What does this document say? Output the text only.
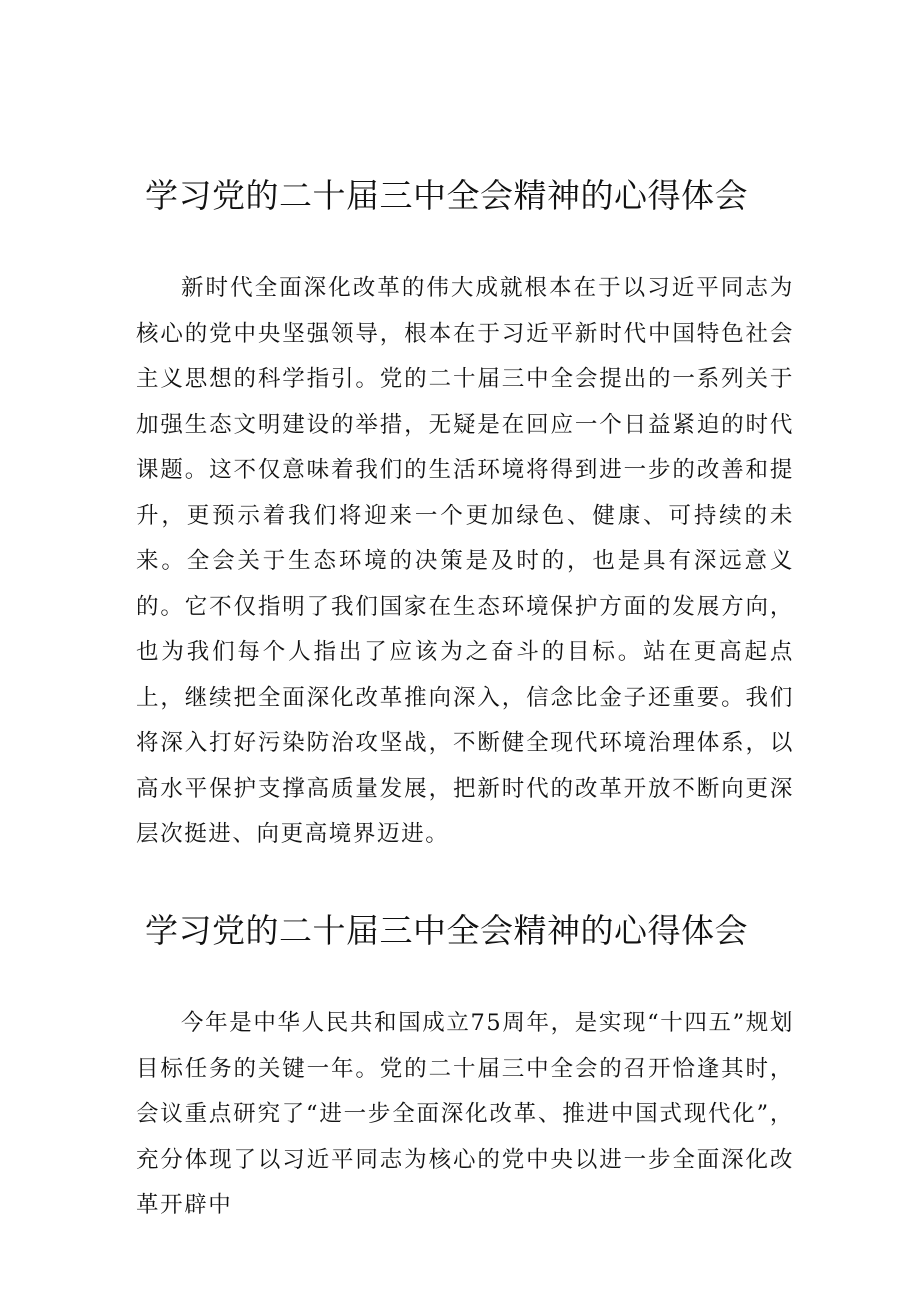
学习党的二十届三中全会精神的心得体会

新时代全面深化改革的伟大成就根本在于以习近平同志为核心的党中央坚强领导，根本在于习近平新时代中国特色社会主义思想的科学指引。党的二十届三中全会提出的一系列关于加强生态文明建设的举措，无疑是在回应一个日益紧迫的时代课题。这不仅意味着我们的生活环境将得到进一步的改善和提升，更预示着我们将迎来一个更加绿色、健康、可持续的未来。全会关于生态环境的决策是及时的，也是具有深远意义的。它不仅指明了我们国家在生态环境保护方面的发展方向，也为我们每个人指出了应该为之奋斗的目标。站在更高起点上，继续把全面深化改革推向深入，信念比金子还重要。我们将深入打好污染防治攻坚战，不断健全现代环境治理体系，以高水平保护支撑高质量发展，把新时代的改革开放不断向更深层次挺进、向更高境界迈进。

学习党的二十届三中全会精神的心得体会

今年是中华人民共和国成立75周年，是实现“十四五”规划目标任务的关键一年。党的二十届三中全会的召开恰逢其时，会议重点研究了“进一步全面深化改革、推进中国式现代化”，充分体现了以习近平同志为核心的党中央以进一步全面深化改革开辟中
